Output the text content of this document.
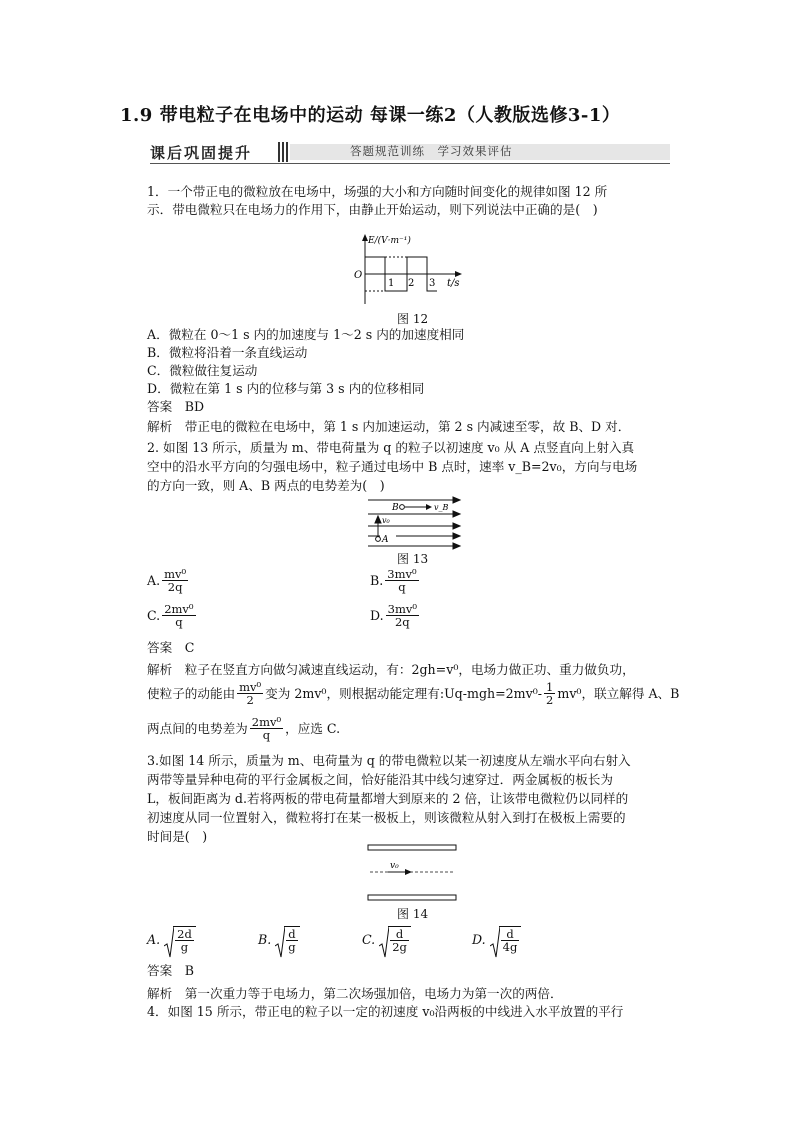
1.9 带电粒子在电场中的运动 每课一练2（人教版选修3-1）
课后巩固提升	答题规范训练　学习效果评估
1．一个带正电的微粒放在电场中，场强的大小和方向随时间变化的规律如图 12 所
示．带电微粒只在电场力的作用下，由静止开始运动，则下列说法中正确的是(　)
E/(V·m⁻¹)
O
1 2 3 t/s
图 12
A．微粒在 0～1 s 内的加速度与 1～2 s 内的加速度相同
B．微粒将沿着一条直线运动
C．微粒做往复运动
D．微粒在第 1 s 内的位移与第 3 s 内的位移相同
答案　BD
解析　带正电的微粒在电场中，第 1 s 内加速运动，第 2 s 内减速至零，故 B、D 对．
2. 如图 13 所示，质量为 m、带电荷量为 q 的粒子以初速度 v₀ 从 A 点竖直向上射入真
空中的沿水平方向的匀强电场中，粒子通过电场中 B 点时，速率 v_B=2v₀，方向与电场
的方向一致，则 A、B 两点的电势差为(　)
B	v_B
v₀
A
图 13
A. $\frac{\text{mv⁰}}{2q}$	B. $\frac{\text{3mv⁰}}{q}$
C. $\frac{\text{2mv⁰}}{q}$	D. $\frac{\text{3mv⁰}}{2q}$
答案　C
解析　粒子在竖直方向做匀减速直线运动，有：2gh=v⁰，电场力做正功、重力做负功，
使粒子的动能由 $\frac{\text{mv⁰}}{2}$ 变为 2mv⁰，则根据动能定理有:Uq-mgh=2mv⁰- $\frac{1}{2} mv^0$，联立解得 A、B
两点间的电势差为 $\frac{\text{2mv⁰}}{q}$ ，应选 C.
3.如图 14 所示，质量为 m、电荷量为 q 的带电微粒以某一初速度从左端水平向右射入
两带等量异种电荷的平行金属板之间，恰好能沿其中线匀速穿过．两金属板的板长为
L，板间距离为 d.若将两板的带电荷量都增大到原来的 2 倍，让该带电微粒仍以同样的
初速度从同一位置射入，微粒将打在某一极板上，则该微粒从射入到打在极板上需要的
时间是(　)
v₀
图 14
A. $\frac{2d}{g}$	B. $\frac{d}{g}$	C. $\frac{d}{2g}$	D. $\frac{d}{4g}$
答案　B
解析　第一次重力等于电场力，第二次场强加倍，电场力为第一次的两倍．
4．如图 15 所示，带正电的粒子以一定的初速度 v₀沿两板的中线进入水平放置的平行
